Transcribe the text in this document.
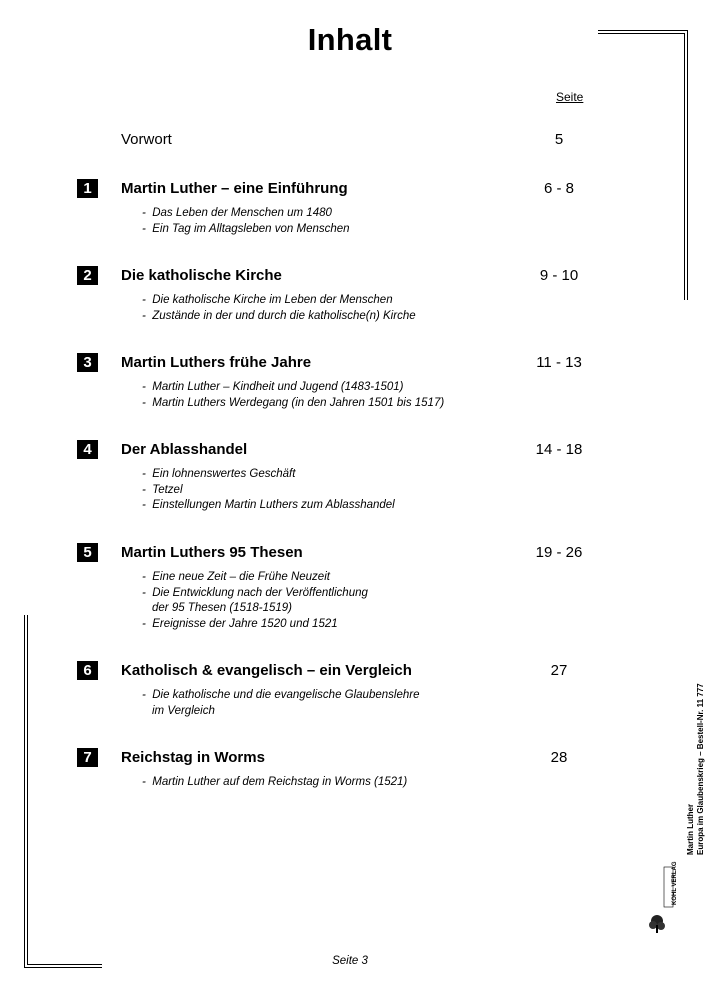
Inhalt
Seite
Vorwort	5
1	Martin Luther – eine Einführung	6 - 8
- Das Leben der Menschen um 1480
- Ein Tag im Alltagsleben von Menschen
2	Die katholische Kirche	9 - 10
- Die katholische Kirche im Leben der Menschen
- Zustände in der und durch die katholische(n) Kirche
3	Martin Luthers frühe Jahre	11 - 13
- Martin Luther – Kindheit und Jugend (1483-1501)
- Martin Luthers Werdegang (in den Jahren 1501 bis 1517)
4	Der Ablasshandel	14 - 18
- Ein lohnenswertes Geschäft
- Tetzel
- Einstellungen Martin Luthers zum Ablasshandel
5	Martin Luthers 95 Thesen	19 - 26
- Eine neue Zeit – die Frühe Neuzeit
- Die Entwicklung nach der Veröffentlichung
der 95 Thesen (1518-1519)
- Ereignisse der Jahre 1520 und 1521
6	Katholisch & evangelisch – ein Vergleich	27
- Die katholische und die evangelische Glaubenslehre
im Vergleich
7	Reichstag in Worms	28
- Martin Luther auf dem Reichstag in Worms (1521)
Martin Luther Europa im Glaubenskrieg – Bestell-Nr. 11 777
KOHL VERLAG
Seite 3
